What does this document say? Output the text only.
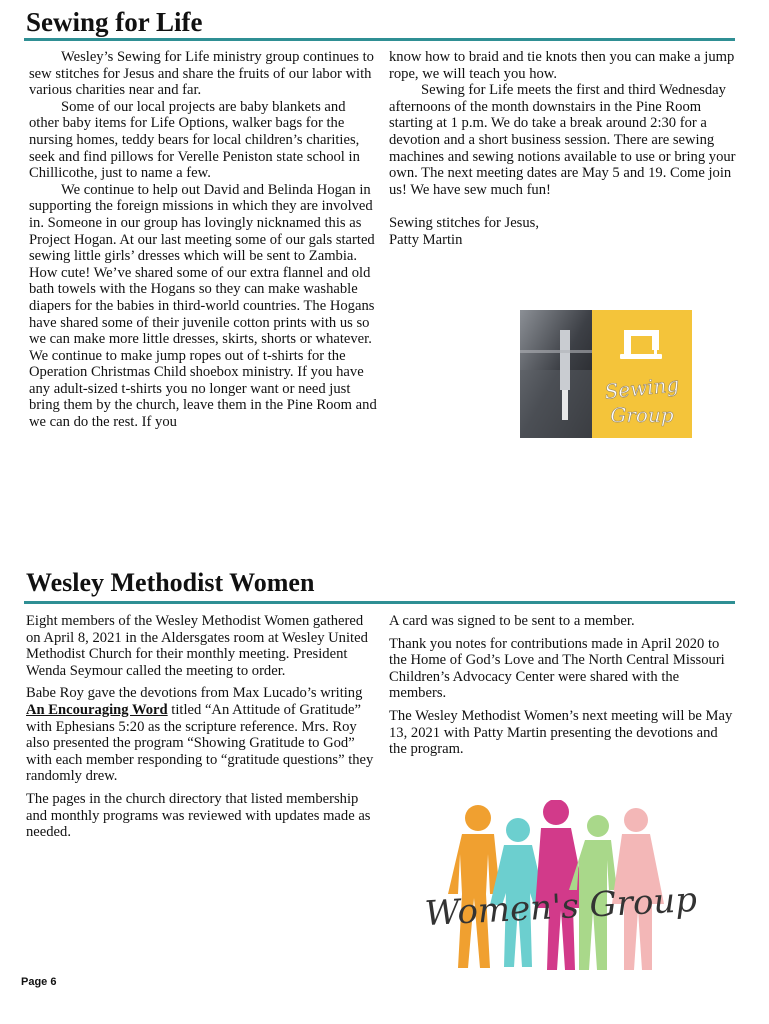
Sewing for Life

Wesley’s Sewing for Life ministry group continues to sew stitches for Jesus and share the fruits of our labor with various charities near and far.

Some of our local projects are baby blankets and other baby items for Life Options, walker bags for the nursing homes, teddy bears for local children’s charities, seek and find pillows for Verelle Peniston state school in Chillicothe, just to name a few.

We continue to help out David and Belinda Hogan in supporting the foreign missions in which they are involved in. Someone in our group has lovingly nicknamed this as Project Hogan. At our last meeting some of our gals started sewing little girls’ dresses which will be sent to Zambia. How cute! We’ve shared some of our extra flannel and old bath towels with the Hogans so they can make washable diapers for the babies in third-world countries. The Hogans have shared some of their juvenile cotton prints with us so we can make more little dresses, skirts, shorts or whatever. We continue to make jump ropes out of t-shirts for the Operation Christmas Child shoebox ministry. If you have any adult-sized t-shirts you no longer want or need just bring them by the church, leave them in the Pine Room and we can do the rest. If you

know how to braid and tie knots then you can make a jump rope, we will teach you how.

Sewing for Life meets the first and third Wednesday afternoons of the month downstairs in the Pine Room starting at 1 p.m. We do take a break around 2:30 for a devotion and a short business session. There are sewing machines and sewing notions available to use or bring your own. The next meeting dates are May 5 and 19. Come join us! We have sew much fun!

Sewing stitches for Jesus,

Patty Martin

Sewing
Group
Wesley Methodist Women

Eight members of the Wesley Methodist Women gathered on April 8, 2021 in the Aldersgates room at Wesley United Methodist Church for their monthly meeting. President Wenda Seymour called the meeting to order.

Babe Roy gave the devotions from Max Lucado’s writing An Encouraging Word titled “An Attitude of Gratitude” with Ephesians 5:20 as the scripture reference. Mrs. Roy also presented the program “Showing Gratitude to God” with each member responding to “gratitude questions” they randomly drew.

The pages in the church directory that listed membership and monthly programs was reviewed with updates made as needed.

A card was signed to be sent to a member.

Thank you notes for contributions made in April 2020 to the Home of God’s Love and The North Central Missouri Children’s Advocacy Center were shared with the members.

The Wesley Methodist Women’s next meeting will be May 13, 2021 with Patty Martin presenting the devotions and the program.

Women's Group
Page 6
